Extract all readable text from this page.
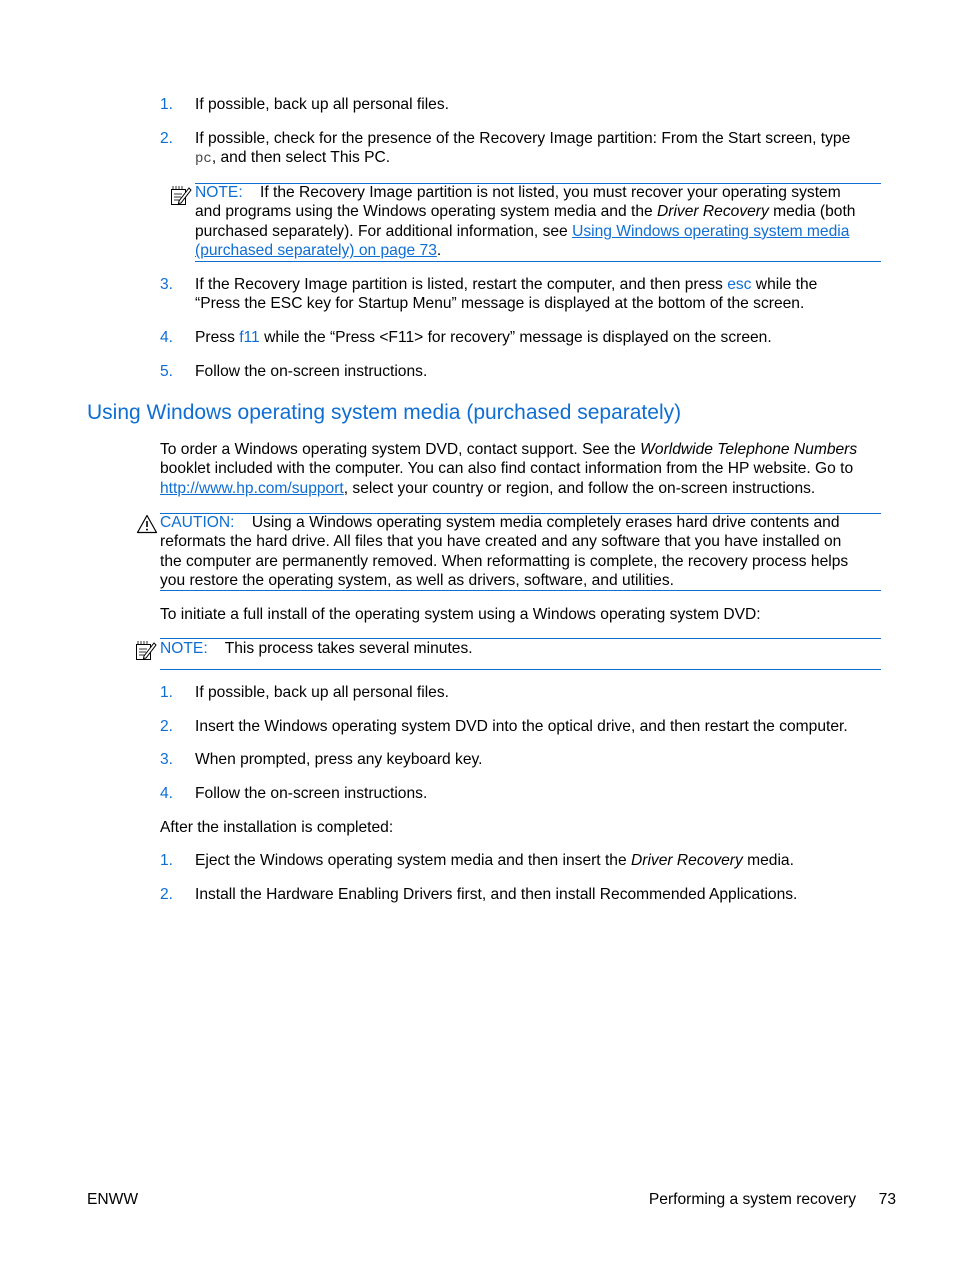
1. If possible, back up all personal files.
2. If possible, check for the presence of the Recovery Image partition: From the Start screen, type
pc, and then select This PC.
NOTE: If the Recovery Image partition is not listed, you must recover your operating system
and programs using the Windows operating system media and the Driver Recovery media (both
purchased separately). For additional information, see Using Windows operating system media
(purchased separately) on page 73.
3. If the Recovery Image partition is listed, restart the computer, and then press esc while the
“Press the ESC key for Startup Menu” message is displayed at the bottom of the screen.
4. Press f11 while the “Press <F11> for recovery” message is displayed on the screen.
5. Follow the on-screen instructions.
Using Windows operating system media (purchased separately)
To order a Windows operating system DVD, contact support. See the Worldwide Telephone Numbers
booklet included with the computer. You can also find contact information from the HP website. Go to
http://www.hp.com/support, select your country or region, and follow the on-screen instructions.
CAUTION: Using a Windows operating system media completely erases hard drive contents and
reformats the hard drive. All files that you have created and any software that you have installed on
the computer are permanently removed. When reformatting is complete, the recovery process helps
you restore the operating system, as well as drivers, software, and utilities.
To initiate a full install of the operating system using a Windows operating system DVD:
NOTE: This process takes several minutes.
1. If possible, back up all personal files.
2. Insert the Windows operating system DVD into the optical drive, and then restart the computer.
3. When prompted, press any keyboard key.
4. Follow the on-screen instructions.
After the installation is completed:
1. Eject the Windows operating system media and then insert the Driver Recovery media.
2. Install the Hardware Enabling Drivers first, and then install Recommended Applications.
ENWW	Performing a system recovery 73
